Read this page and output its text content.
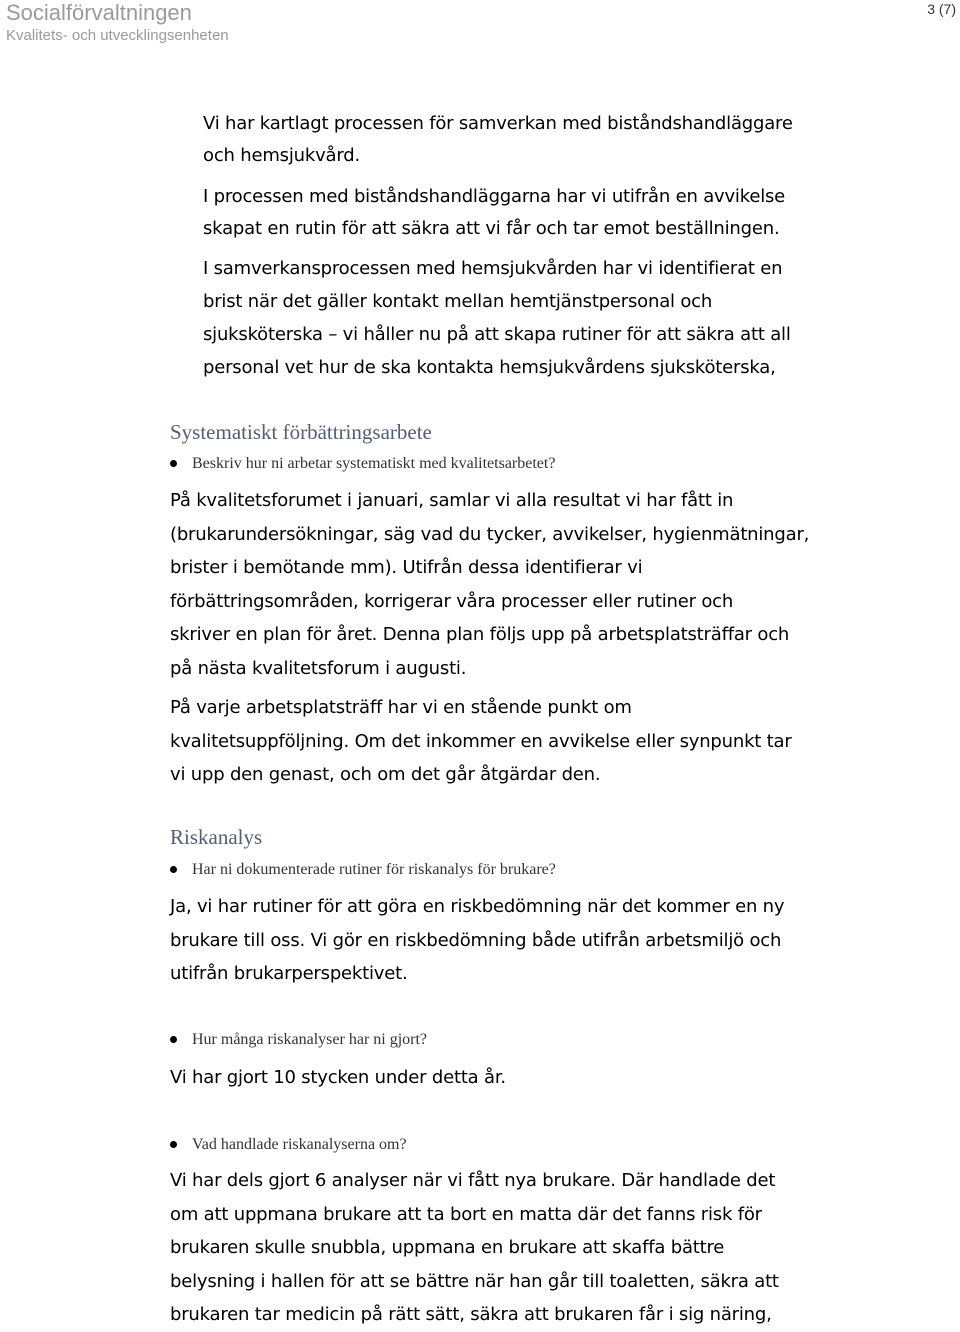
Socialförvaltningen
Kvalitets- och utvecklingsenheten
3 (7)
Vi har kartlagt processen för samverkan med biståndshandläggare
och hemsjukvård.
I processen med biståndshandläggarna har vi utifrån en avvikelse
skapat en rutin för att säkra att vi får och tar emot beställningen.
I samverkansprocessen med hemsjukvården har vi identifierat en
brist när det gäller kontakt mellan hemtjänstpersonal och
sjuksköterska – vi håller nu på att skapa rutiner för att säkra att all
personal vet hur de ska kontakta hemsjukvårdens sjuksköterska,
Systematiskt förbättringsarbete
Beskriv hur ni arbetar systematiskt med kvalitetsarbetet?
På kvalitetsforumet i januari, samlar vi alla resultat vi har fått in
(brukarundersökningar, säg vad du tycker, avvikelser, hygienmätningar,
brister i bemötande mm). Utifrån dessa identifierar vi
förbättringsområden, korrigerar våra processer eller rutiner och
skriver en plan för året. Denna plan följs upp på arbetsplatsträffar och
på nästa kvalitetsforum i augusti.
På varje arbetsplatsträff har vi en stående punkt om
kvalitetsuppföljning. Om det inkommer en avvikelse eller synpunkt tar
vi upp den genast, och om det går åtgärdar den.
Riskanalys
Har ni dokumenterade rutiner för riskanalys för brukare?
Ja, vi har rutiner för att göra en riskbedömning när det kommer en ny
brukare till oss. Vi gör en riskbedömning både utifrån arbetsmiljö och
utifrån brukarperspektivet.
Hur många riskanalyser har ni gjort?
Vi har gjort 10 stycken under detta år.
Vad handlade riskanalyserna om?
Vi har dels gjort 6 analyser när vi fått nya brukare. Där handlade det
om att uppmana brukare att ta bort en matta där det fanns risk för
brukaren skulle snubbla, uppmana en brukare att skaffa bättre
belysning i hallen för att se bättre när han går till toaletten, säkra att
brukaren tar medicin på rätt sätt, säkra att brukaren får i sig näring,
